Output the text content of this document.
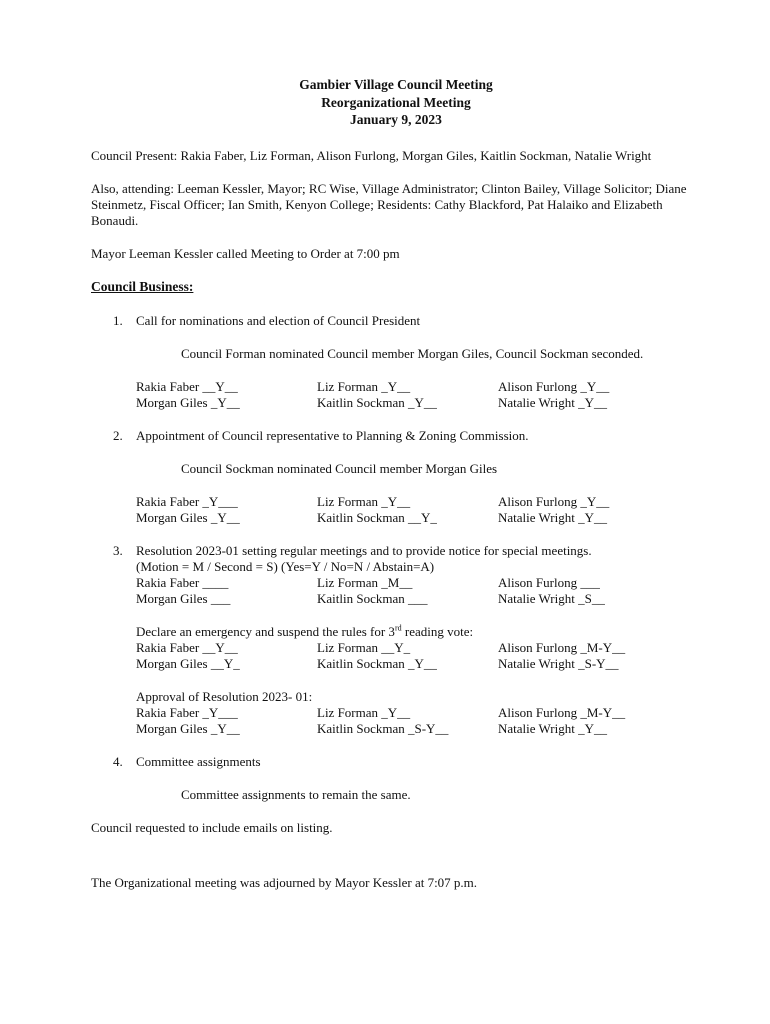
Gambier Village Council Meeting
Reorganizational Meeting
January 9, 2023

Council Present: Rakia Faber, Liz Forman, Alison Furlong, Morgan Giles, Kaitlin Sockman, Natalie Wright

Also, attending: Leeman Kessler, Mayor; RC Wise, Village Administrator; Clinton Bailey, Village Solicitor; Diane Steinmetz, Fiscal Officer; Ian Smith, Kenyon College; Residents: Cathy Blackford, Pat Halaiko and Elizabeth Bonaudi.

Mayor Leeman Kessler called Meeting to Order at 7:00 pm

Council Business:
1. Call for nominations and election of Council President
Council Forman nominated Council member Morgan Giles, Council Sockman seconded.
Rakia Faber __Y__	Liz Forman _Y__	Alison Furlong _Y__
Morgan Giles _Y__	Kaitlin Sockman _Y__	Natalie Wright _Y__
2. Appointment of Council representative to Planning & Zoning Commission.
Council Sockman nominated Council member Morgan Giles
Rakia Faber _Y___	Liz Forman _Y__	Alison Furlong _Y__
Morgan Giles _Y__	Kaitlin Sockman __Y_	Natalie Wright _Y__
3. Resolution 2023-01 setting regular meetings and to provide notice for special meetings.
(Motion = M / Second = S) (Yes=Y / No=N / Abstain=A)
Rakia Faber ____	Liz Forman _M__	Alison Furlong ___
Morgan Giles ___	Kaitlin Sockman ___	Natalie Wright _S__
Declare an emergency and suspend the rules for 3rd reading vote:
Rakia Faber __Y__	Liz Forman __Y_	Alison Furlong _M-Y__
Morgan Giles __Y_	Kaitlin Sockman _Y__	Natalie Wright _S-Y__
Approval of Resolution 2023- 01:
Rakia Faber _Y___	Liz Forman _Y__	Alison Furlong _M-Y__
Morgan Giles _Y__	Kaitlin Sockman _S-Y__	Natalie Wright _Y__
4. Committee assignments
Committee assignments to remain the same.

Council requested to include emails on listing.

The Organizational meeting was adjourned by Mayor Kessler at 7:07 p.m.
